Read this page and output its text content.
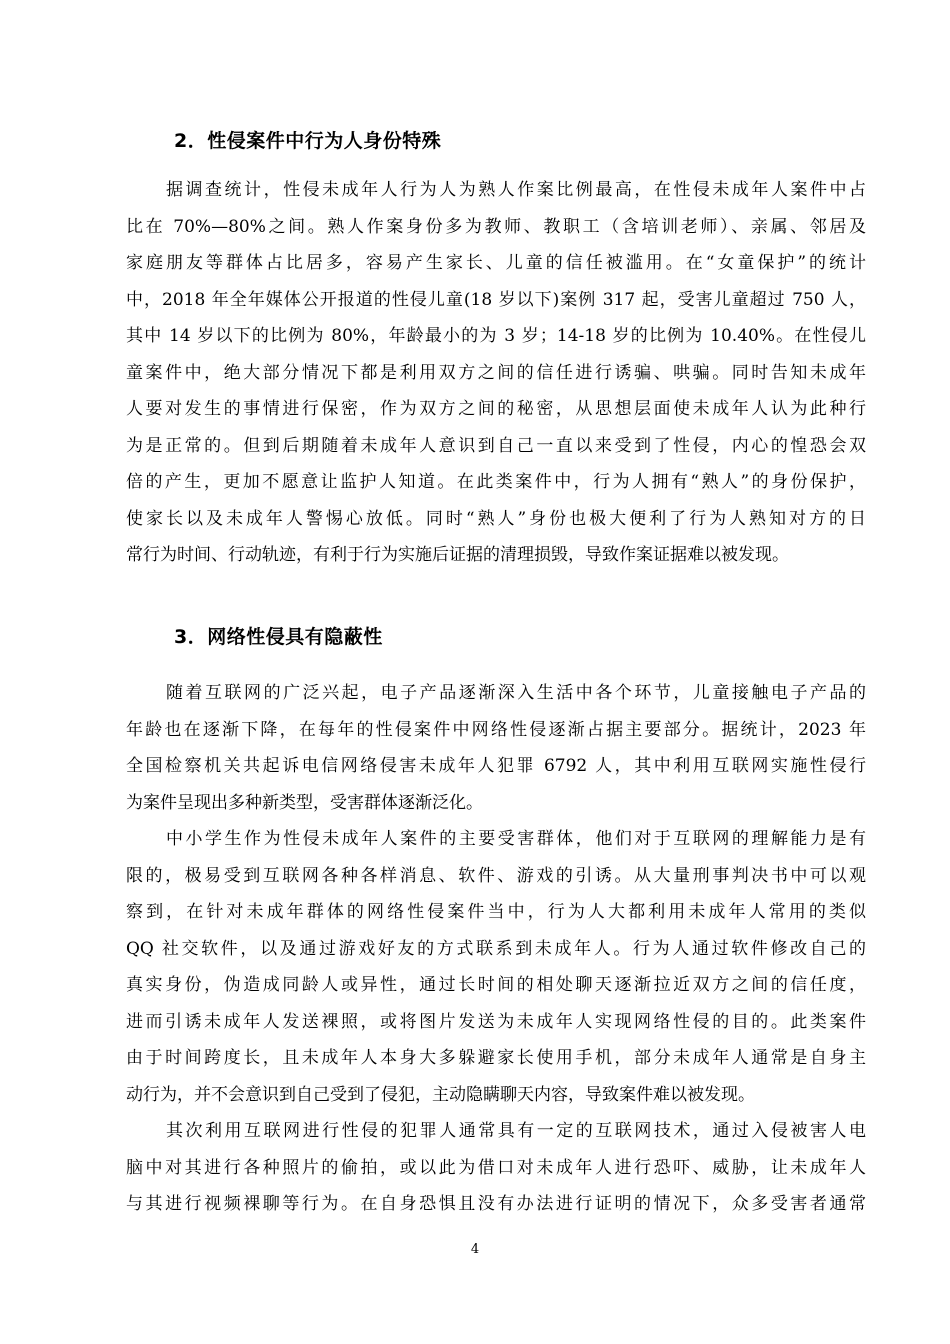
2．性侵案件中行为人身份特殊
据调查统计，性侵未成年人行为人为熟人作案比例最高，在性侵未成年人案件中占
比在 70%—80%之间。熟人作案身份多为教师、教职工（含培训老师）、亲属、邻居及
家庭朋友等群体占比居多，容易产生家长、儿童的信任被滥用。在“女童保护”的统计
中，2018 年全年媒体公开报道的性侵儿童(18 岁以下)案例 317 起，受害儿童超过 750 人，
其中 14 岁以下的比例为 80%，年龄最小的为 3 岁；14-18 岁的比例为 10.40%。在性侵儿
童案件中，绝大部分情况下都是利用双方之间的信任进行诱骗、哄骗。同时告知未成年
人要对发生的事情进行保密，作为双方之间的秘密，从思想层面使未成年人认为此种行
为是正常的。但到后期随着未成年人意识到自己一直以来受到了性侵，内心的惶恐会双
倍的产生，更加不愿意让监护人知道。在此类案件中，行为人拥有“熟人”的身份保护，
使家长以及未成年人警惕心放低。同时“熟人”身份也极大便利了行为人熟知对方的日
常行为时间、行动轨迹，有利于行为实施后证据的清理损毁，导致作案证据难以被发现。
3．网络性侵具有隐蔽性
随着互联网的广泛兴起，电子产品逐渐深入生活中各个环节，儿童接触电子产品的
年龄也在逐渐下降，在每年的性侵案件中网络性侵逐渐占据主要部分。据统计，2023 年
全国检察机关共起诉电信网络侵害未成年人犯罪 6792 人，其中利用互联网实施性侵行
为案件呈现出多种新类型，受害群体逐渐泛化。
中小学生作为性侵未成年人案件的主要受害群体，他们对于互联网的理解能力是有
限的，极易受到互联网各种各样消息、软件、游戏的引诱。从大量刑事判决书中可以观
察到，在针对未成年群体的网络性侵案件当中，行为人大都利用未成年人常用的类似
QQ 社交软件，以及通过游戏好友的方式联系到未成年人。行为人通过软件修改自己的
真实身份，伪造成同龄人或异性，通过长时间的相处聊天逐渐拉近双方之间的信任度，
进而引诱未成年人发送裸照，或将图片发送为未成年人实现网络性侵的目的。此类案件
由于时间跨度长，且未成年人本身大多躲避家长使用手机，部分未成年人通常是自身主
动行为，并不会意识到自己受到了侵犯，主动隐瞒聊天内容，导致案件难以被发现。
其次利用互联网进行性侵的犯罪人通常具有一定的互联网技术，通过入侵被害人电
脑中对其进行各种照片的偷拍，或以此为借口对未成年人进行恐吓、威胁，让未成年人
与其进行视频裸聊等行为。在自身恐惧且没有办法进行证明的情况下，众多受害者通常
4
